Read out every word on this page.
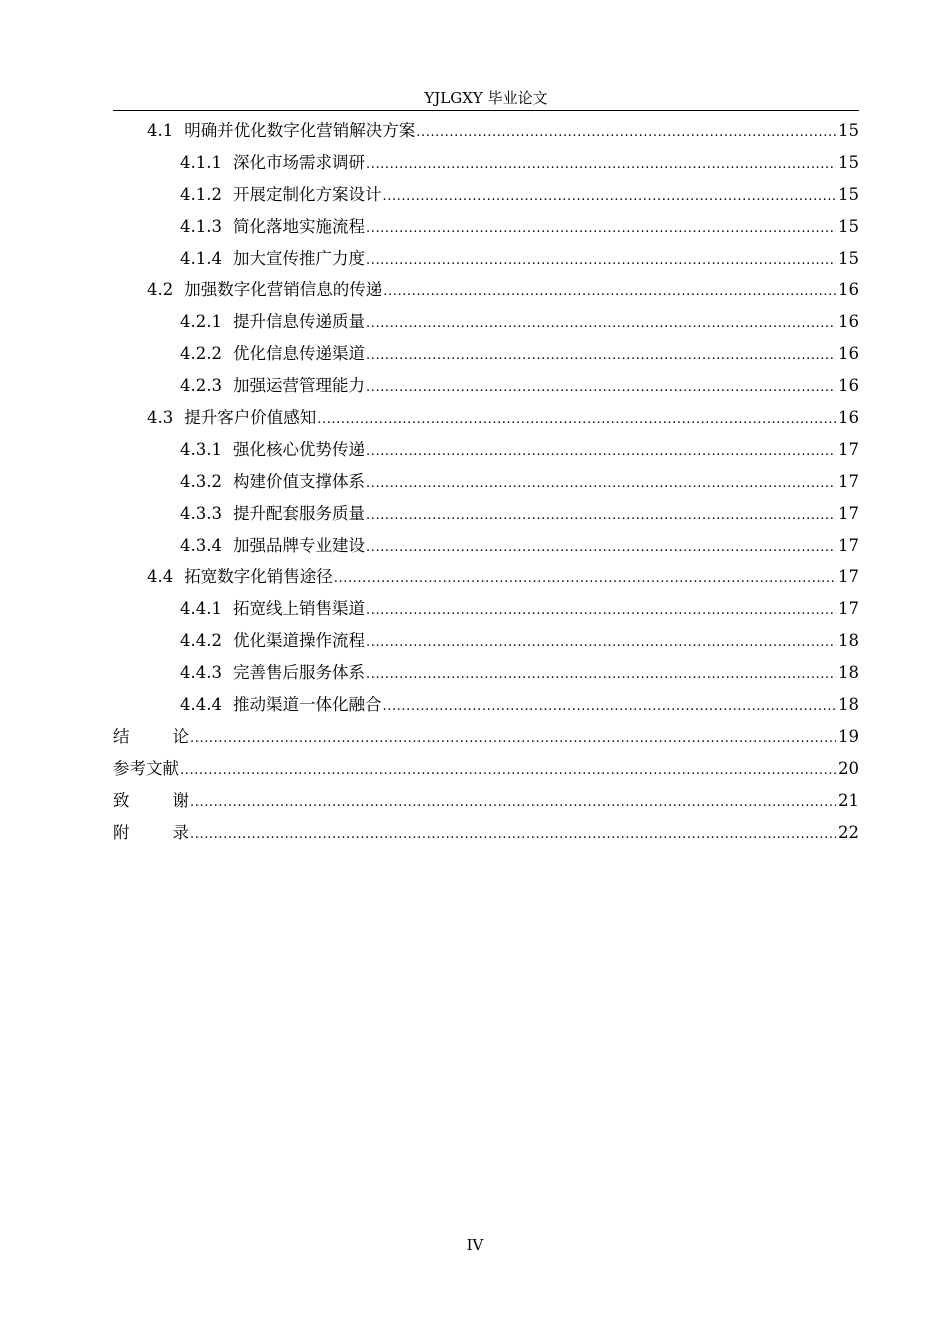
YJLGXY 毕业论文
4.1 明确并优化数字化营销解决方案 .....	15
4.1.1 深化市场需求调研 .....	15
4.1.2 开展定制化方案设计 .....	15
4.1.3 简化落地实施流程 .....	15
4.1.4 加大宣传推广力度 .....	15
4.2 加强数字化营销信息的传递 .....	16
4.2.1 提升信息传递质量 .....	16
4.2.2 优化信息传递渠道 .....	16
4.2.3 加强运营管理能力 .....	16
4.3 提升客户价值感知 .....	16
4.3.1 强化核心优势传递 .....	17
4.3.2 构建价值支撑体系 .....	17
4.3.3 提升配套服务质量 .....	17
4.3.4 加强品牌专业建设 .....	17
4.4 拓宽数字化销售途径 .....	17
4.4.1 拓宽线上销售渠道 .....	17
4.4.2 优化渠道操作流程 .....	18
4.4.3 完善售后服务体系 .....	18
4.4.4 推动渠道一体化融合 .....	18
结论 .....	19
参考文献 .....	20
致谢 .....	21
附录 .....	22
IV
